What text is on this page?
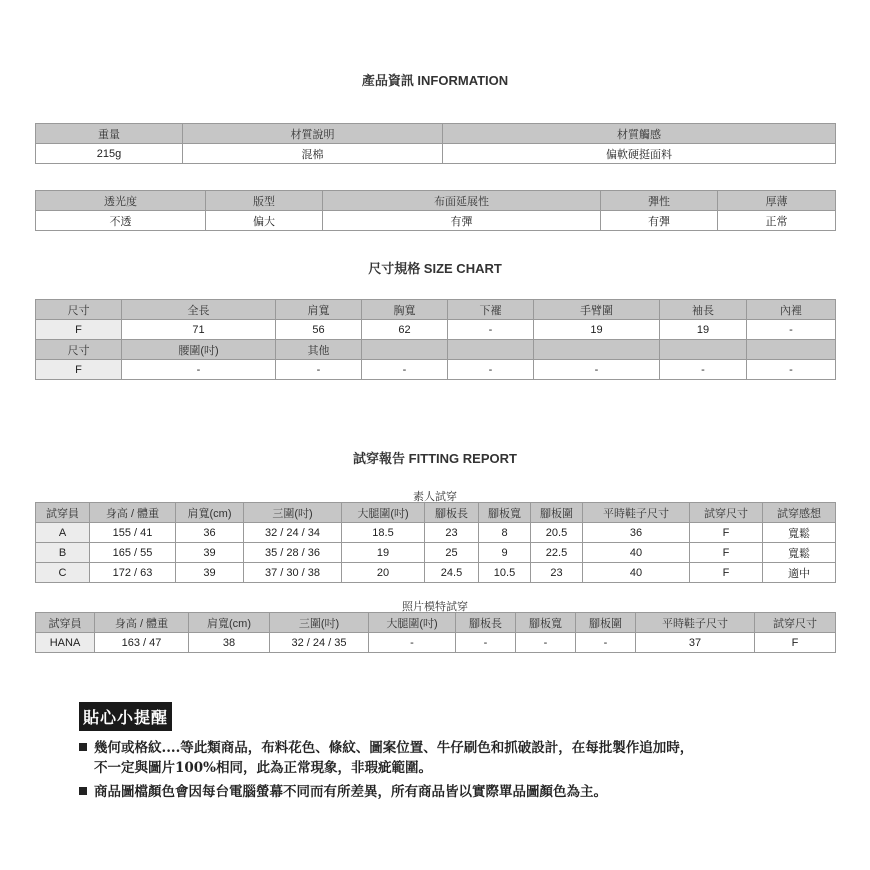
產品資訊 INFORMATION
重量	材質說明	材質觸感
215g	混棉	偏軟硬挺面料
透光度	版型	布面延展性	彈性	厚薄
不透	偏大	有彈	有彈	正常
尺寸規格 SIZE CHART
尺寸	全長	肩寬	胸寬	下襬	手臂圍	袖長	內裡
F	71	56	62	-	19	19	-
尺寸	腰圍(吋)	其他					
F	-	-	-	-	-	-	-
試穿報告 FITTING REPORT
素人試穿
試穿員	身高 / 體重	肩寬(cm)	三圍(吋)	大腿圍(吋)	腳板長	腳板寬	腳板圍	平時鞋子尺寸	試穿尺寸	試穿感想
A	155 / 41	36	32 / 24 / 34	18.5	23	8	20.5	36	F	寬鬆
B	165 / 55	39	35 / 28 / 36	19	25	9	22.5	40	F	寬鬆
C	172 / 63	39	37 / 30 / 38	20	24.5	10.5	23	40	F	適中
照片模特試穿
試穿員	身高 / 體重	肩寬(cm)	三圍(吋)	大腿圍(吋)	腳板長	腳板寬	腳板圍	平時鞋子尺寸	試穿尺寸
HANA	163 / 47	38	32 / 24 / 35	-	-	-	-	37	F
貼心小提醒
幾何或格紋....等此類商品，布料花色、條紋、圖案位置、牛仔刷色和抓破設計，在每批製作追加時，
不一定與圖片100%相同，此為正常現象，非瑕疵範圍。
商品圖檔顏色會因每台電腦螢幕不同而有所差異，所有商品皆以實際單品圖顏色為主。
